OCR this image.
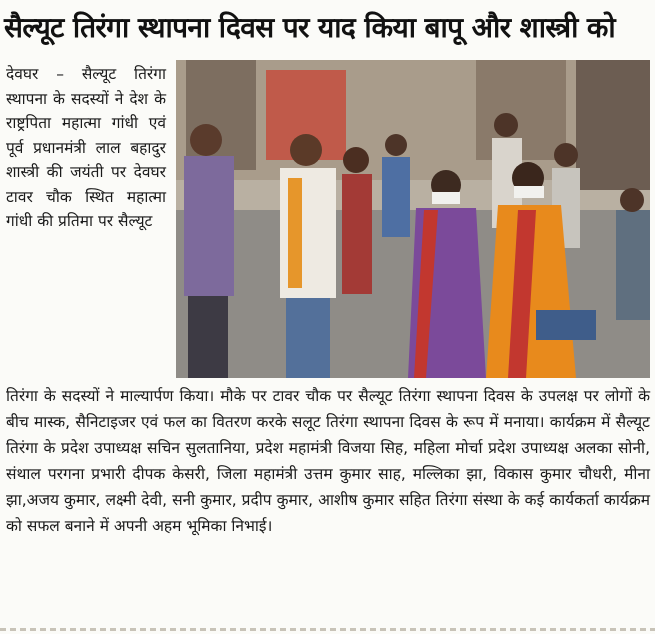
सैल्यूट तिरंगा स्थापना दिवस पर याद किया बापू और शास्त्री को
देवघर – सैल्यूट तिरंगा स्थापना के सदस्यों ने देश के राष्ट्रपिता महात्मा गांधी एवं पूर्व प्रधानमंत्री लाल बहादुर शास्त्री की जयंती पर देवघर टावर चौक स्थित महात्मा गांधी की प्रतिमा पर सैल्यूट
तिरंगा के सदस्यों ने माल्यार्पण किया। मौके पर टावर चौक पर सैल्यूट तिरंगा स्थापना दिवस के उपलक्ष पर लोगों के बीच मास्क, सैनिटाइजर एवं फल का वितरण करके सलूट तिरंगा स्थापना दिवस के रूप में मनाया। कार्यक्रम में सैल्यूट तिरंगा के प्रदेश उपाध्यक्ष सचिन सुलतानिया, प्रदेश महामंत्री विजया सिह, महिला मोर्चा प्रदेश उपाध्यक्ष अलका सोनी, संथाल परगना प्रभारी दीपक केसरी, जिला महामंत्री उत्तम कुमार साह, मल्लिका झा, विकास कुमार चौधरी, मीना झा,अजय कुमार, लक्ष्मी देवी, सनी कुमार, प्रदीप कुमार, आशीष कुमार सहित तिरंगा संस्था के कई कार्यकर्ता कार्यक्रम को सफल बनाने में अपनी अहम भूमिका निभाई।
